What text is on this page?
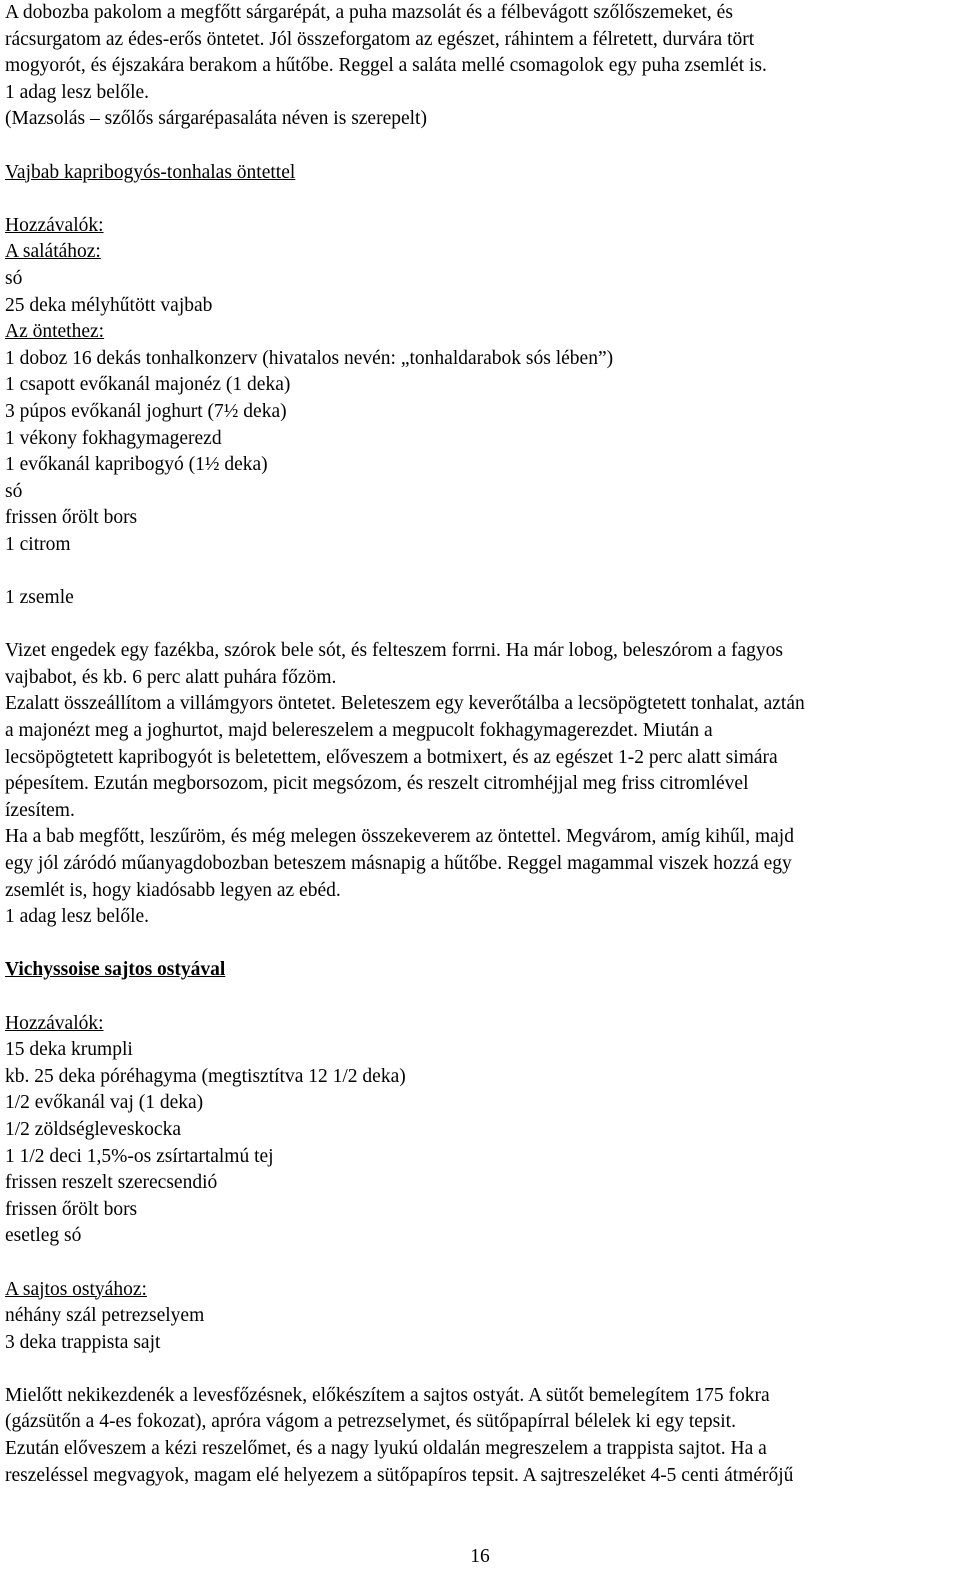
A dobozba pakolom a megfőtt sárgarépát, a puha mazsolát és a félbevágott szőlőszemeket, és
rácsurgatom az édes-erős öntetet. Jól összeforgatom az egészet, ráhintem a félretett, durvára tört
mogyorót, és éjszakára berakom a hűtőbe. Reggel a saláta mellé csomagolok egy puha zsemlét is.
1 adag lesz belőle.
(Mazsolás – szőlős sárgarépasaláta néven is szerepelt)
Vajbab kapribogyós-tonhalas öntettel
Hozzávalók:
A salátához:
só
25 deka mélyhűtött vajbab
Az öntethez:
1 doboz 16 dekás tonhalkonzerv (hivatalos nevén: „tonhaldarabok sós lében”)
1 csapott evőkanál majonéz (1 deka)
3 púpos evőkanál joghurt (7½ deka)
1 vékony fokhagymagerezd
1 evőkanál kapribogyó (1½ deka)
só
frissen őrölt bors
1 citrom
1 zsemle
Vizet engedek egy fazékba, szórok bele sót, és felteszem forrni. Ha már lobog, beleszórom a fagyos
vajbabot, és kb. 6 perc alatt puhára főzöm.
Ezalatt összeállítom a villámgyors öntetet. Beleteszem egy keverőtálba a lecsöpögtetett tonhalat, aztán
a majonézt meg a joghurtot, majd belereszelem a megpucolt fokhagymagerezdet. Miután a
lecsöpögtetett kapribogyót is beletettem, előveszem a botmixert, és az egészet 1-2 perc alatt simára
pépesítem. Ezután megborsozom, picit megsózom, és reszelt citromhéjjal meg friss citromlével
ízesítem.
Ha a bab megfőtt, leszűröm, és még melegen összekeverem az öntettel. Megvárom, amíg kihűl, majd
egy jól záródó műanyagdobozban beteszem másnapig a hűtőbe. Reggel magammal viszek hozzá egy
zsemlét is, hogy kiadósabb legyen az ebéd.
1 adag lesz belőle.
Vichyssoise sajtos ostyával
Hozzávalók:
15 deka krumpli
kb. 25 deka póréhagyma (megtisztítva 12 1/2 deka)
1/2 evőkanál vaj (1 deka)
1/2 zöldségleveskocka
1 1/2 deci 1,5%-os zsírtartalmú tej
frissen reszelt szerecsendió
frissen őrölt bors
esetleg só
A sajtos ostyához:
néhány szál petrezselyem
3 deka trappista sajt
Mielőtt nekikezdenék a levesfőzésnek, előkészítem a sajtos ostyát. A sütőt bemelegítem 175 fokra
(gázsütőn a 4-es fokozat), apróra vágom a petrezselymet, és sütőpapírral bélelek ki egy tepsit.
Ezután előveszem a kézi reszelőmet, és a nagy lyukú oldalán megreszelem a trappista sajtot. Ha a
reszeléssel megvagyok, magam elé helyezem a sütőpapíros tepsit. A sajtreszeléket 4-5 centi átmérőjű
16
